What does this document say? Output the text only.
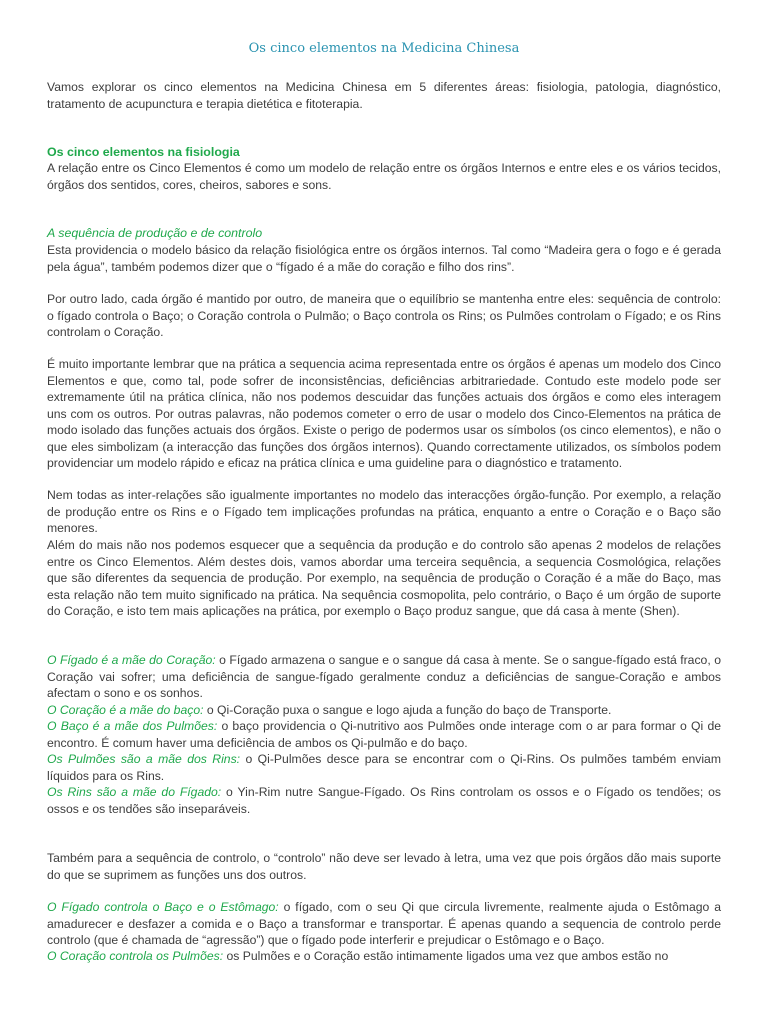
Os cinco elementos na Medicina Chinesa

Vamos explorar os cinco elementos na Medicina Chinesa em 5 diferentes áreas: fisiologia, patologia, diagnóstico, tratamento de acupunctura e terapia dietética e fitoterapia.

Os cinco elementos na fisiologia

A relação entre os Cinco Elementos é como um modelo de relação entre os órgãos Internos e entre eles e os vários tecidos, órgãos dos sentidos, cores, cheiros, sabores e sons.

A sequência de produção e de controlo

Esta providencia o modelo básico da relação fisiológica entre os órgãos internos. Tal como “Madeira gera o fogo e é gerada pela água”, também podemos dizer que o “fígado é a mãe do coração e filho dos rins”.

Por outro lado, cada órgão é mantido por outro, de maneira que o equilíbrio se mantenha entre eles: sequência de controlo: o fígado controla o Baço; o Coração controla o Pulmão; o Baço controla os Rins; os Pulmões controlam o Fígado; e os Rins controlam o Coração.

É muito importante lembrar que na prática a sequencia acima representada entre os órgãos é apenas um modelo dos Cinco Elementos e que, como tal, pode sofrer de inconsistências, deficiências arbitrariedade. Contudo este modelo pode ser extremamente útil na prática clínica, não nos podemos descuidar das funções actuais dos órgãos e como eles interagem uns com os outros. Por outras palavras, não podemos cometer o erro de usar o modelo dos Cinco-Elementos na prática de modo isolado das funções actuais dos órgãos. Existe o perigo de podermos usar os símbolos (os cinco elementos), e não o que eles simbolizam (a interacção das funções dos órgãos internos). Quando correctamente utilizados, os símbolos podem providenciar um modelo rápido e eficaz na prática clínica e uma guideline para o diagnóstico e tratamento.

Nem todas as inter-relações são igualmente importantes no modelo das interacções órgão-função. Por exemplo, a relação de produção entre os Rins e o Fígado tem implicações profundas na prática, enquanto a entre o Coração e o Baço são menores.

Além do mais não nos podemos esquecer que a sequência da produção e do controlo são apenas 2 modelos de relações entre os Cinco Elementos. Além destes dois, vamos abordar uma terceira sequência, a sequencia Cosmológica, relações que são diferentes da sequencia de produção. Por exemplo, na sequência de produção o Coração é a mãe do Baço, mas esta relação não tem muito significado na prática. Na sequência cosmopolita, pelo contrário, o Baço é um órgão de suporte do Coração, e isto tem mais aplicações na prática, por exemplo o Baço produz sangue, que dá casa à mente (Shen).

O Fígado é a mãe do Coração: o Fígado armazena o sangue e o sangue dá casa à mente. Se o sangue-fígado está fraco, o Coração vai sofrer; uma deficiência de sangue-fígado geralmente conduz a deficiências de sangue-Coração e ambos afectam o sono e os sonhos.

O Coração é a mãe do baço: o Qi-Coração puxa o sangue e logo ajuda a função do baço de Transporte.

O Baço é a mãe dos Pulmões: o baço providencia o Qi-nutritivo aos Pulmões onde interage com o ar para formar o Qi de encontro. É comum haver uma deficiência de ambos os Qi-pulmão e do baço.

Os Pulmões são a mãe dos Rins: o Qi-Pulmões desce para se encontrar com o Qi-Rins. Os pulmões também enviam líquidos para os Rins.

Os Rins são a mãe do Fígado: o Yin-Rim nutre Sangue-Fígado. Os Rins controlam os ossos e o Fígado os tendões; os ossos e os tendões são inseparáveis.

Também para a sequência de controlo, o “controlo” não deve ser levado à letra, uma vez que pois órgãos dão mais suporte do que se suprimem as funções uns dos outros.

O Fígado controla o Baço e o Estômago: o fígado, com o seu Qi que circula livremente, realmente ajuda o Estômago a amadurecer e desfazer a comida e o Baço a transformar e transportar. É apenas quando a sequencia de controlo perde controlo (que é chamada de “agressão”) que o fígado pode interferir e prejudicar o Estômago e o Baço.

O Coração controla os Pulmões: os Pulmões e o Coração estão intimamente ligados uma vez que ambos estão no
